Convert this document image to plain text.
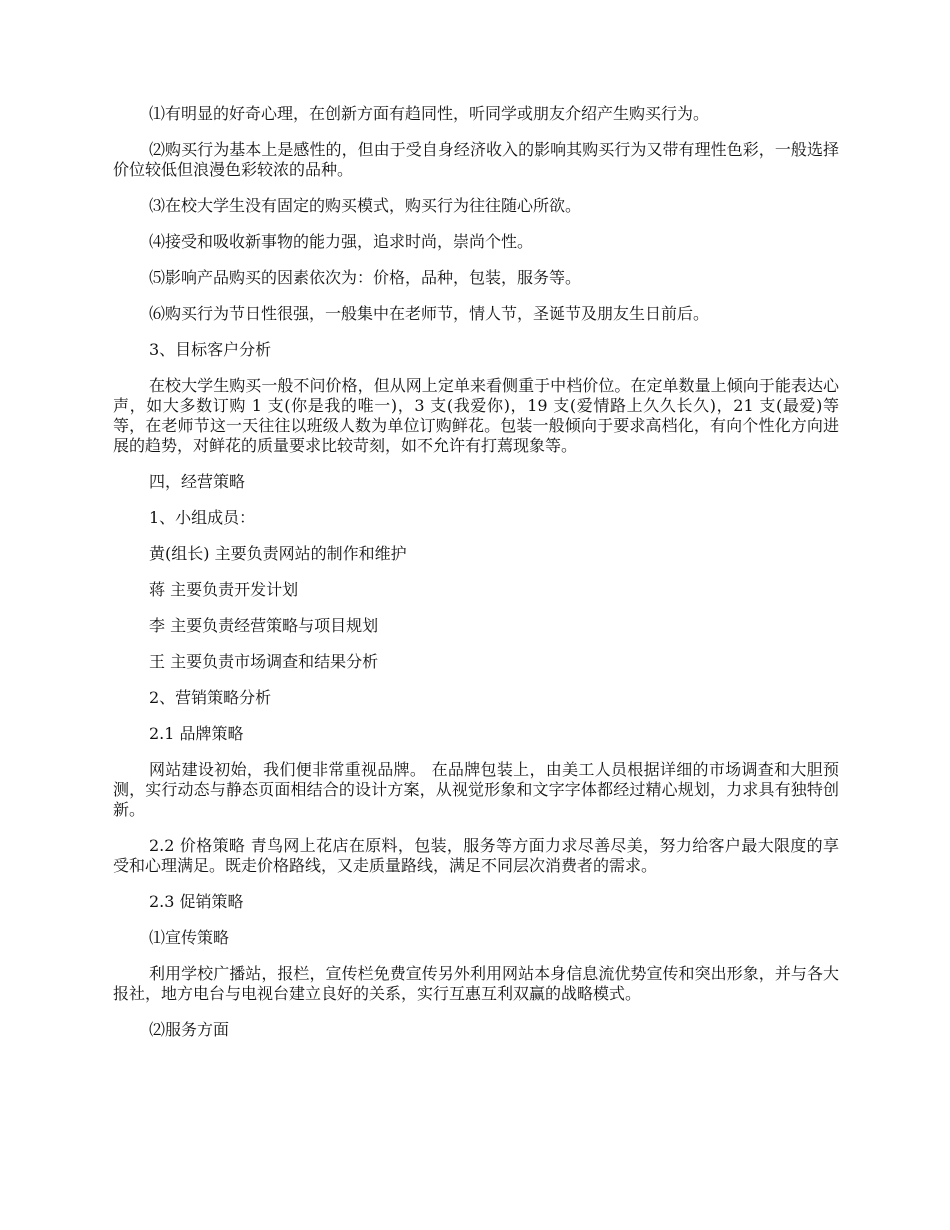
⑴有明显的好奇心理，在创新方面有趋同性，听同学或朋友介绍产生购买行为。

⑵购买行为基本上是感性的，但由于受自身经济收入的影响其购买行为又带有理性色彩，一般选择价位较低但浪漫色彩较浓的品种。

⑶在校大学生没有固定的购买模式，购买行为往往随心所欲。

⑷接受和吸收新事物的能力强，追求时尚，崇尚个性。

⑸影响产品购买的因素依次为：价格，品种，包装，服务等。

⑹购买行为节日性很强，一般集中在老师节，情人节，圣诞节及朋友生日前后。

3、目标客户分析

在校大学生购买一般不问价格，但从网上定单来看侧重于中档价位。在定单数量上倾向于能表达心声，如大多数订购 1 支(你是我的唯一)，3 支(我爱你)，19 支(爱情路上久久长久)，21 支(最爱)等等，在老师节这一天往往以班级人数为单位订购鲜花。包装一般倾向于要求高档化，有向个性化方向进展的趋势，对鲜花的质量要求比较苛刻，如不允许有打蔫现象等。

四，经营策略

1、小组成员：

黄(组长) 主要负责网站的制作和维护

蒋 主要负责开发计划

李 主要负责经营策略与项目规划

王 主要负责市场调查和结果分析

2、营销策略分析

2.1 品牌策略

网站建设初始，我们便非常重视品牌。 在品牌包装上，由美工人员根据详细的市场调查和大胆预测，实行动态与静态页面相结合的设计方案，从视觉形象和文字字体都经过精心规划，力求具有独特创新。

2.2 价格策略 青鸟网上花店在原料，包装，服务等方面力求尽善尽美，努力给客户最大限度的享受和心理满足。既走价格路线，又走质量路线，满足不同层次消费者的需求。

2.3 促销策略

⑴宣传策略

利用学校广播站，报栏，宣传栏免费宣传另外利用网站本身信息流优势宣传和突出形象，并与各大报社，地方电台与电视台建立良好的关系，实行互惠互利双赢的战略模式。

⑵服务方面
